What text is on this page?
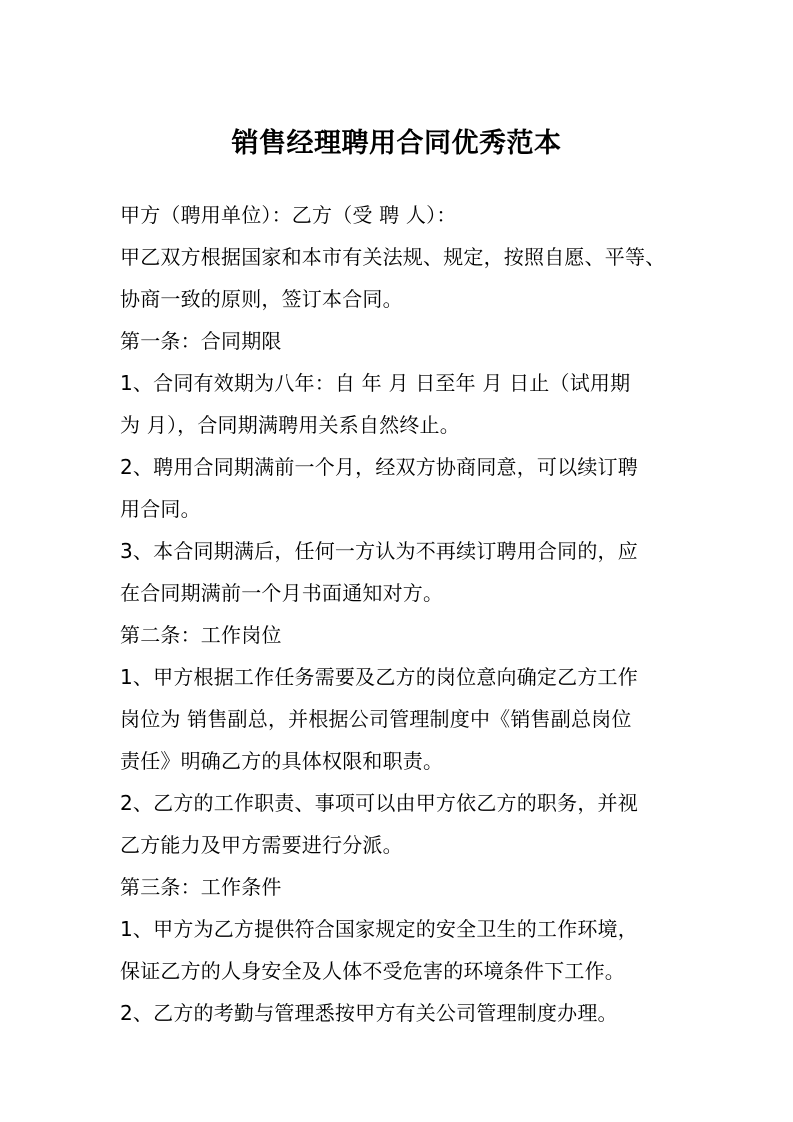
销售经理聘用合同优秀范本
甲方（聘用单位）：乙方（受 聘 人）：
甲乙双方根据国家和本市有关法规、规定，按照自愿、平等、
协商一致的原则，签订本合同。
第一条：合同期限
1、合同有效期为八年：自 年 月 日至年 月 日止（试用期
为 月），合同期满聘用关系自然终止。
2、聘用合同期满前一个月，经双方协商同意，可以续订聘
用合同。
3、本合同期满后，任何一方认为不再续订聘用合同的，应
在合同期满前一个月书面通知对方。
第二条：工作岗位
1、甲方根据工作任务需要及乙方的岗位意向确定乙方工作
岗位为 销售副总，并根据公司管理制度中《销售副总岗位
责任》明确乙方的具体权限和职责。
2、乙方的工作职责、事项可以由甲方依乙方的职务，并视
乙方能力及甲方需要进行分派。
第三条：工作条件
1、甲方为乙方提供符合国家规定的安全卫生的工作环境，
保证乙方的人身安全及人体不受危害的环境条件下工作。
2、乙方的考勤与管理悉按甲方有关公司管理制度办理。
